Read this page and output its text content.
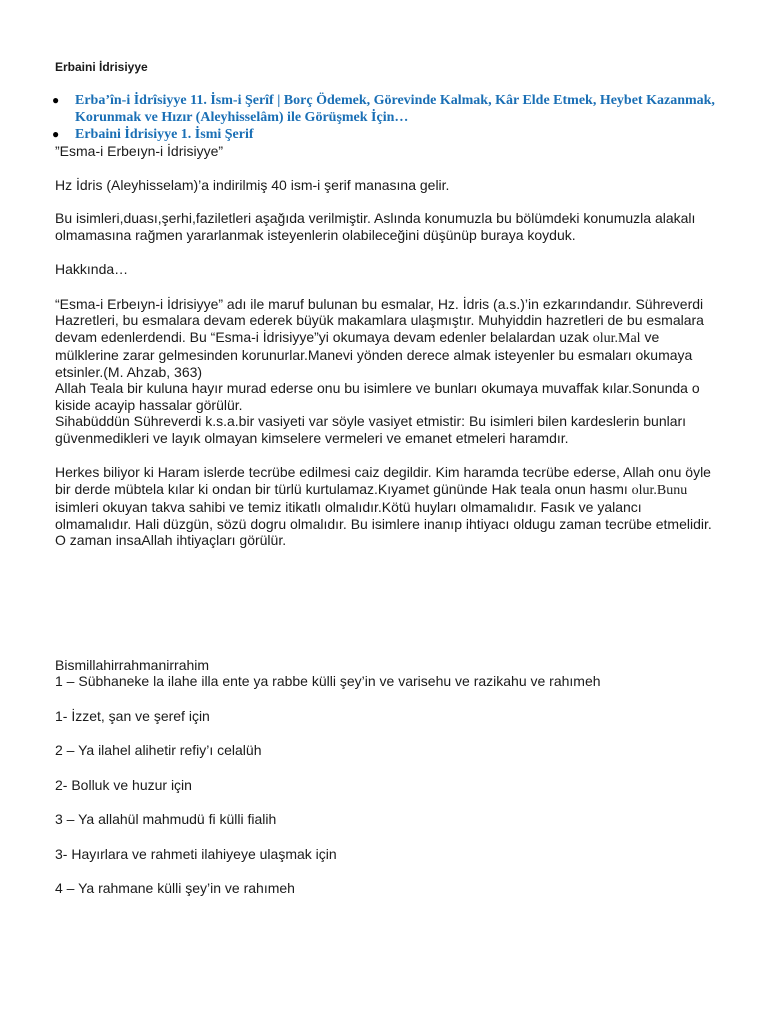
Erbaini İdrisiyye
● Erba’în-i İdrîsiyye 11. İsm-i Şerîf | Borç Ödemek, Görevinde Kalmak, Kâr Elde Etmek, Heybet Kazanmak, Korunmak ve Hızır (Aleyhisselâm) ile Görüşmek İçin…
● Erbaini İdrisiyye 1. İsmi Şerif

”Esma-i Erbeıyn-i İdrisiyye”

Hz İdris (Aleyhisselam)’a indirilmiş 40 ism-i şerif manasına gelir.

Bu isimleri,duası,şerhi,faziletleri aşağıda verilmiştir. Aslında konumuzla bu bölümdeki konumuzla alakalı olmamasına rağmen yararlanmak isteyenlerin olabileceğini düşünüp buraya koyduk.

Hakkında…

“Esma-i Erbeıyn-i İdrisiyye” adı ile maruf bulunan bu esmalar, Hz. İdris (a.s.)’in ezkarındandır. Sühreverdi Hazretleri, bu esmalara devam ederek büyük makamlara ulaşmıştır. Muhyiddin hazretleri de bu esmalara devam edenlerdendi. Bu “Esma-i İdrisiyye”yi okumaya devam edenler belalardan uzak olur.Mal ve mülklerine zarar gelmesinden korunurlar.Manevi yönden derece almak isteyenler bu esmaları okumaya etsinler.(M. Ahzab, 363)

Allah Teala bir kuluna hayır murad ederse onu bu isimlere ve bunları okumaya muvaffak kılar.Sonunda o kiside acayip hassalar görülür.

Sihabüddün Sühreverdi k.s.a.bir vasiyeti var söyle vasiyet etmistir: Bu isimleri bilen kardeslerin bunları güvenmedikleri ve layık olmayan kimselere vermeleri ve emanet etmeleri haramdır.

Herkes biliyor ki Haram islerde tecrübe edilmesi caiz degildir. Kim haramda tecrübe ederse, Allah onu öyle bir derde mübtela kılar ki ondan bir türlü kurtulamaz.Kıyamet gününde Hak teala onun hasmı olur.Bunu isimleri okuyan takva sahibi ve temiz itikatlı olmalıdır.Kötü huyları olmamalıdır. Fasık ve yalancı olmamalıdır. Hali düzgün, sözü dogru olmalıdır. Bu isimlere inanıp ihtiyacı oldugu zaman tecrübe etmelidir. O zaman insaAllah ihtiyaçları görülür.

Bismillahirrahmanirrahim

1 – Sübhaneke la ilahe illa ente ya rabbe külli şey’in ve varisehu ve razikahu ve rahımeh

1- İzzet, şan ve şeref için

2 – Ya ilahel alihetir refiy’ı celalüh

2- Bolluk ve huzur için

3 – Ya allahül mahmudü fi külli fialih

3- Hayırlara ve rahmeti ilahiyeye ulaşmak için

4 – Ya rahmane külli şey’in ve rahımeh
